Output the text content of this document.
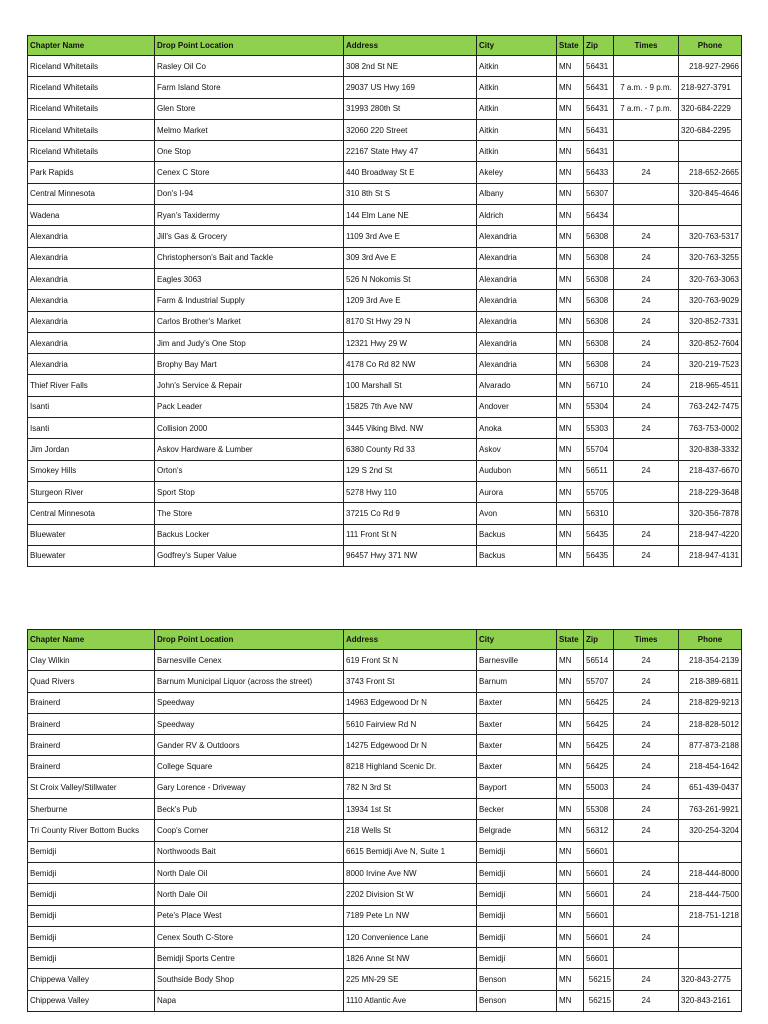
Chapter Name	Drop Point Location	Address	City	State	Zip	Times	Phone
Riceland Whitetails	Rasley Oil Co	308 2nd St NE	Aitkin	MN	56431		218-927-2966
Riceland Whitetails	Farm Island Store	29037 US Hwy 169	Aitkin	MN	56431	7 a.m. - 9 p.m.	218-927-3791
Riceland Whitetails	Glen Store	31993 280th St	Aitkin	MN	56431	7 a.m. - 7 p.m.	320-684-2229
Riceland Whitetails	Melmo Market	32060 220 Street	Aitkin	MN	56431		320-684-2295
Riceland Whitetails	One Stop	22167 State Hwy 47	Aitkin	MN	56431		
Park Rapids	Cenex C Store	440 Broadway St E	Akeley	MN	56433	24	218-652-2665
Central Minnesota	Don's I-94	310 8th St S	Albany	MN	56307		320-845-4646
Wadena	Ryan's Taxidermy	144 Elm Lane NE	Aldrich	MN	56434		
Alexandria	Jill's Gas & Grocery	1109 3rd Ave E	Alexandria	MN	56308	24	320-763-5317
Alexandria	Christopherson's Bait and Tackle	309 3rd Ave E	Alexandria	MN	56308	24	320-763-3255
Alexandria	Eagles 3063	526 N Nokomis St	Alexandria	MN	56308	24	320-763-3063
Alexandria	Farm & Industrial Supply	1209 3rd Ave E	Alexandria	MN	56308	24	320-763-9029
Alexandria	Carlos Brother's Market	8170 St Hwy 29 N	Alexandria	MN	56308	24	320-852-7331
Alexandria	Jim and Judy's One Stop	12321 Hwy 29 W	Alexandria	MN	56308	24	320-852-7604
Alexandria	Brophy Bay Mart	4178 Co Rd 82 NW	Alexandria	MN	56308	24	320-219-7523
Thief River Falls	John's Service & Repair	100 Marshall St	Alvarado	MN	56710	24	218-965-4511
Isanti	Pack Leader	15825 7th Ave NW	Andover	MN	55304	24	763-242-7475
Isanti	Collision 2000	3445 Viking Blvd. NW	Anoka	MN	55303	24	763-753-0002
Jim Jordan	Askov Hardware & Lumber	6380 County Rd 33	Askov	MN	55704		320-838-3332
Smokey Hills	Orton's	129 S 2nd St	Audubon	MN	56511	24	218-437-6670
Sturgeon River	Sport Stop	5278 Hwy 110	Aurora	MN	55705		218-229-3648
Central Minnesota	The Store	37215 Co Rd 9	Avon	MN	56310		320-356-7878
Bluewater	Backus Locker	111 Front St N	Backus	MN	56435	24	218-947-4220
Bluewater	Godfrey's Super Value	96457 Hwy 371 NW	Backus	MN	56435	24	218-947-4131
Chapter Name	Drop Point Location	Address	City	State	Zip	Times	Phone
Clay Wilkin	Barnesville Cenex	619 Front St N	Barnesville	MN	56514	24	218-354-2139
Quad Rivers	Barnum Municipal Liquor (across the street)	3743 Front St	Barnum	MN	55707	24	218-389-6811
Brainerd	Speedway	14963 Edgewood Dr N	Baxter	MN	56425	24	218-829-9213
Brainerd	Speedway	5610 Fairview Rd N	Baxter	MN	56425	24	218-828-5012
Brainerd	Gander RV & Outdoors	14275 Edgewood Dr N	Baxter	MN	56425	24	877-873-2188
Brainerd	College Square	8218 Highland Scenic Dr.	Baxter	MN	56425	24	218-454-1642
St Croix Valley/Stillwater	Gary Lorence - Driveway	782 N 3rd St	Bayport	MN	55003	24	651-439-0437
Sherburne	Beck's Pub	13934 1st St	Becker	MN	55308	24	763-261-9921
Tri County River Bottom Bucks	Coop's Corner	218 Wells St	Belgrade	MN	56312	24	320-254-3204
Bemidji	Northwoods Bait	6615 Bemidji Ave N, Suite 1	Bemidji	MN	56601		
Bemidji	North Dale Oil	8000 Irvine Ave NW	Bemidji	MN	56601	24	218-444-8000
Bemidji	North Dale Oil	2202 Division St W	Bemidji	MN	56601	24	218-444-7500
Bemidji	Pete's Place West	7189 Pete Ln NW	Bemidji	MN	56601		218-751-1218
Bemidji	Cenex South C-Store	120 Convenience Lane	Bemidji	MN	56601	24	
Bemidji	Bemidji Sports Centre	1826 Anne St NW	Bemidji	MN	56601		
Chippewa Valley	Southside Body Shop	225 MN-29 SE	Benson	MN	56215	24	320-843-2775
Chippewa Valley	Napa	1110 Atlantic Ave	Benson	MN	56215	24	320-843-2161
